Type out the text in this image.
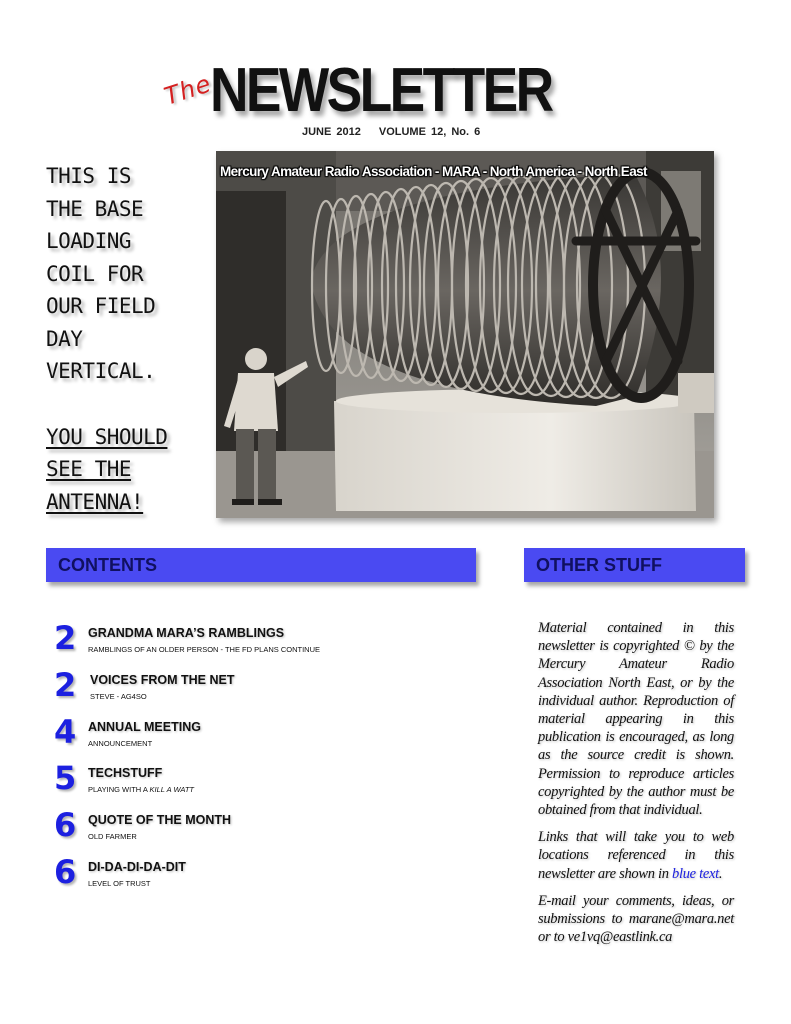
The
NEWSLETTER
JUNE 2012 VOLUME 12, No. 6
THIS IS
THE BASE
LOADING
COIL FOR
OUR FIELD
DAY
VERTICAL.
YOU SHOULD
SEE THE
ANTENNA!
Mercury Amateur Radio Association - MARA - North America - North East
CONTENTS	OTHER STUFF
2 GRANDMA MARA’S RAMBLINGS
RAMBLINGS OF AN OLDER PERSON - THE FD PLANS CONTINUE
2	VOICES FROM THE NET
STEVE - AG4SO
4 ANNUAL MEETING
ANNOUNCEMENT
5 TECHSTUFF
PLAYING WITH A KILL A WATT
6 QUOTE OF THE MONTH
OLD FARMER
6 DI-DA-DI-DA-DIT
LEVEL OF TRUST

Material contained in this newsletter is copyrighted © by the Mercury Amateur Radio Association North East, or by the individual author. Reproduction of material appearing in this publication is encouraged, as long as the source credit is shown. Permission to reproduce articles copyrighted by the author must be obtained from that individual.

Links that will take you to web locations referenced in this newsletter are shown in blue text.

E-mail your comments, ideas, or submissions to marane@mara.net or to ve1vq@eastlink.ca
